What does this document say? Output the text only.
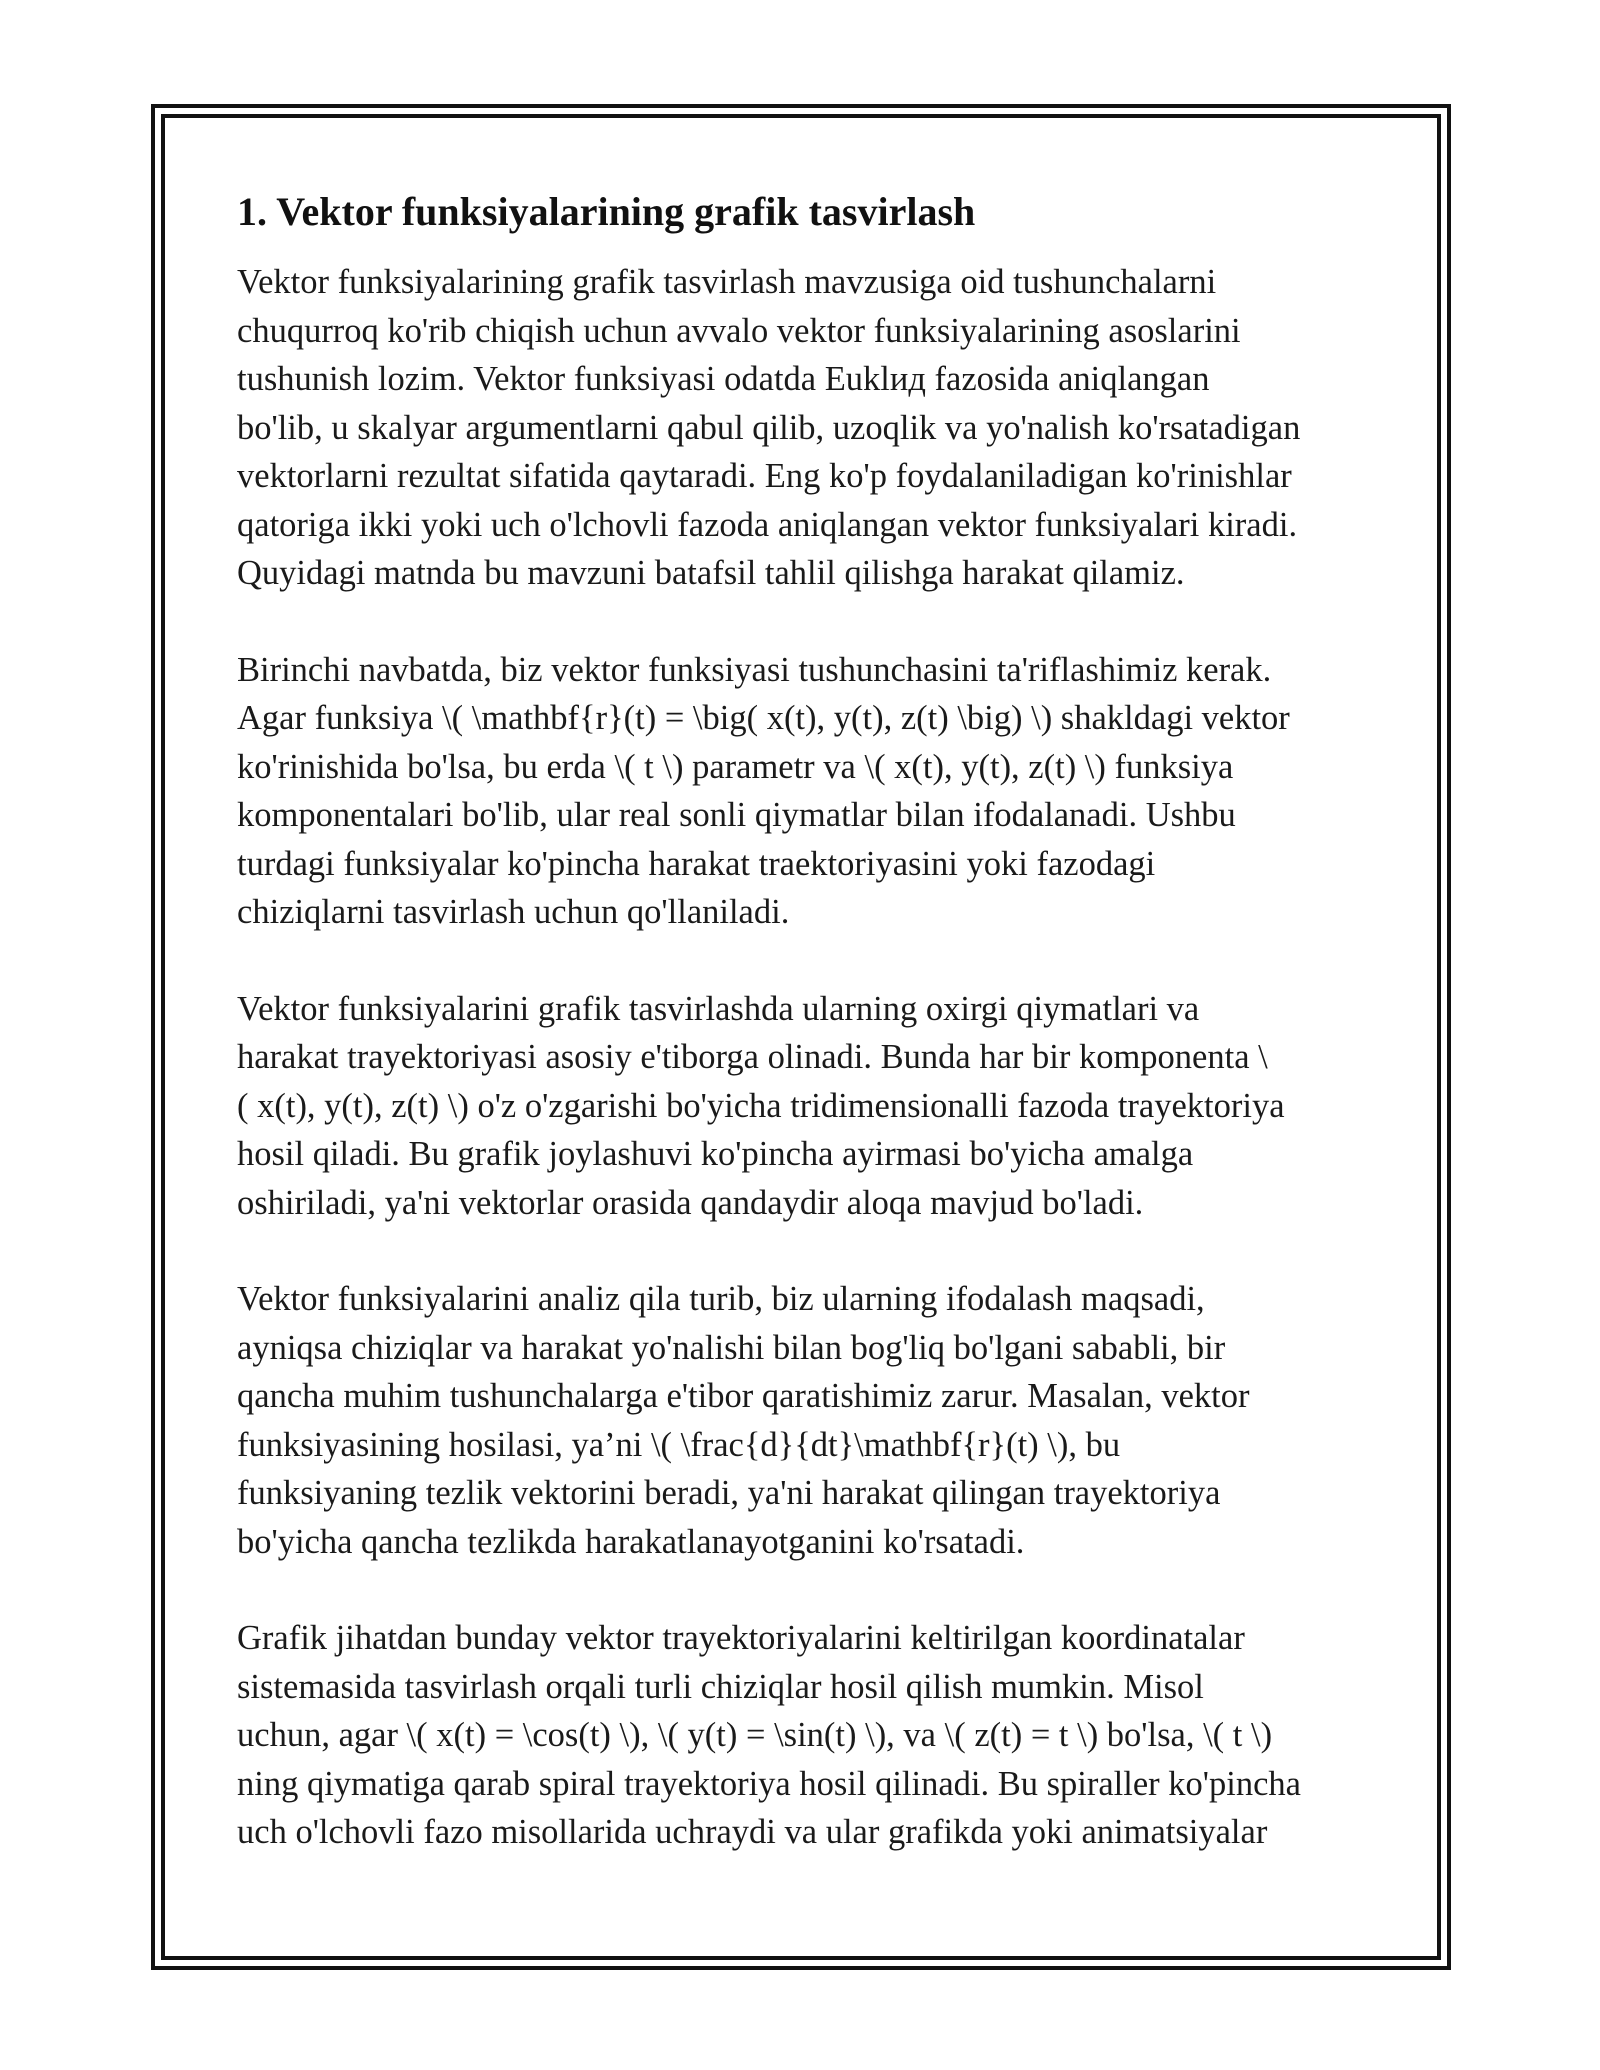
1. Vektor funksiyalarining grafik tasvirlash
Vektor funksiyalarining grafik tasvirlash mavzusiga oid tushunchalarni
chuqurroq ko'rib chiqish uchun avvalo vektor funksiyalarining asoslarini
tushunish lozim. Vektor funksiyasi odatda Euklид fazosida aniqlangan
bo'lib, u skalyar argumentlarni qabul qilib, uzoqlik va yo'nalish ko'rsatadigan
vektorlarni rezultat sifatida qaytaradi. Eng ko'p foydalaniladigan ko'rinishlar
qatoriga ikki yoki uch o'lchovli fazoda aniqlangan vektor funksiyalari kiradi.
Quyidagi matnda bu mavzuni batafsil tahlil qilishga harakat qilamiz.
Birinchi navbatda, biz vektor funksiyasi tushunchasini ta'riflashimiz kerak.
Agar funksiya \( \mathbf{r}(t) = \big( x(t), y(t), z(t) \big) \) shakldagi vektor
ko'rinishida bo'lsa, bu erda \( t \) parametr va \( x(t), y(t), z(t) \) funksiya
komponentalari bo'lib, ular real sonli qiymatlar bilan ifodalanadi. Ushbu
turdagi funksiyalar ko'pincha harakat traektoriyasini yoki fazodagi
chiziqlarni tasvirlash uchun qo'llaniladi.
Vektor funksiyalarini grafik tasvirlashda ularning oxirgi qiymatlari va
harakat trayektoriyasi asosiy e'tiborga olinadi. Bunda har bir komponenta \
( x(t), y(t), z(t) \) o'z o'zgarishi bo'yicha tridimensionalli fazoda trayektoriya
hosil qiladi. Bu grafik joylashuvi ko'pincha ayirmasi bo'yicha amalga
oshiriladi, ya'ni vektorlar orasida qandaydir aloqa mavjud bo'ladi.
Vektor funksiyalarini analiz qila turib, biz ularning ifodalash maqsadi,
ayniqsa chiziqlar va harakat yo'nalishi bilan bog'liq bo'lgani sababli, bir
qancha muhim tushunchalarga e'tibor qaratishimiz zarur. Masalan, vektor
funksiyasining hosilasi, ya’ni \( \frac{d}{dt}\mathbf{r}(t) \), bu
funksiyaning tezlik vektorini beradi, ya'ni harakat qilingan trayektoriya
bo'yicha qancha tezlikda harakatlanayotganini ko'rsatadi.
Grafik jihatdan bunday vektor trayektoriyalarini keltirilgan koordinatalar
sistemasida tasvirlash orqali turli chiziqlar hosil qilish mumkin. Misol
uchun, agar \( x(t) = \cos(t) \), \( y(t) = \sin(t) \), va \( z(t) = t \) bo'lsa, \( t \)
ning qiymatiga qarab spiral trayektoriya hosil qilinadi. Bu spiraller ko'pincha
uch o'lchovli fazo misollarida uchraydi va ular grafikda yoki animatsiyalar
